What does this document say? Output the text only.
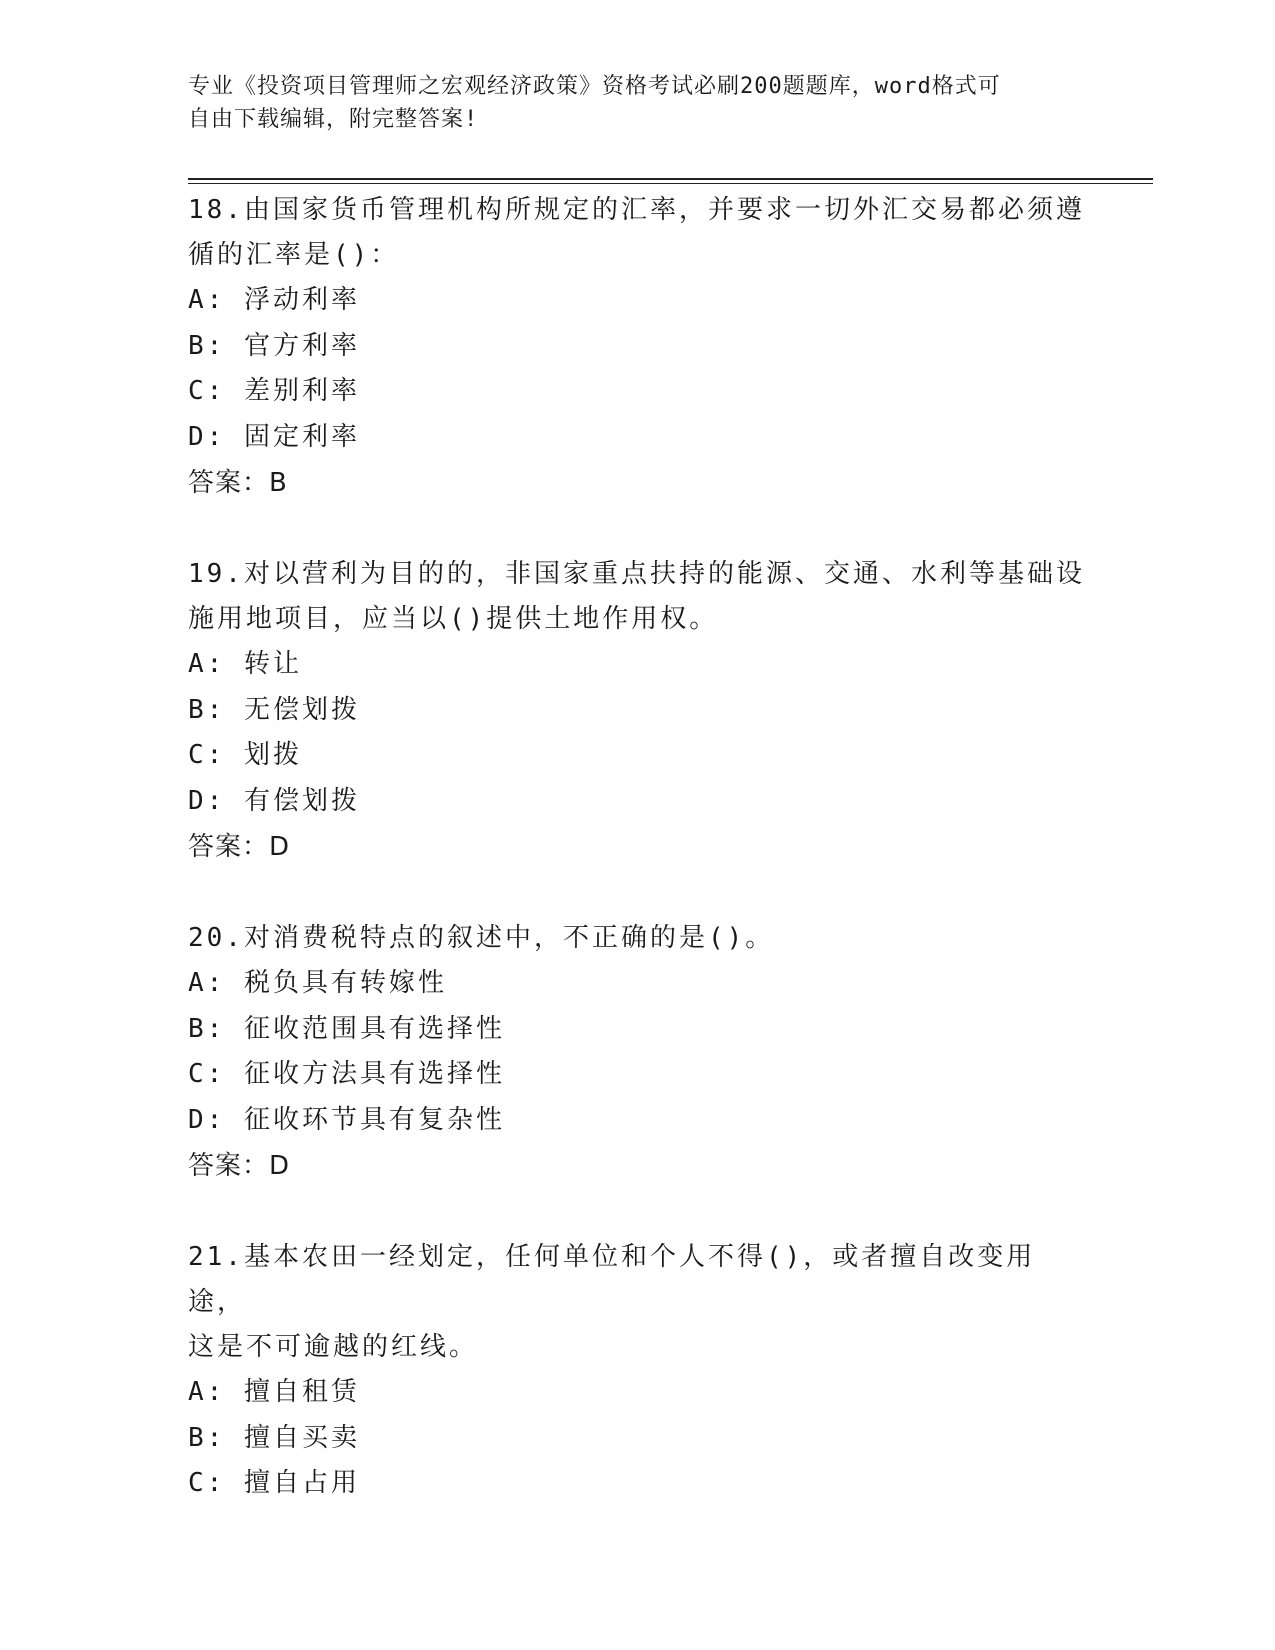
专业《投资项目管理师之宏观经济政策》资格考试必刷200题题库，word格式可
自由下载编辑，附完整答案!

18.由国家货币管理机构所规定的汇率，并要求一切外汇交易都必须遵

循的汇率是()：

A: 浮动利率

B: 官方利率

C: 差别利率

D: 固定利率

答案：B

19.对以营利为目的的，非国家重点扶持的能源、交通、水利等基础设

施用地项目，应当以()提供土地作用权。

A: 转让

B: 无偿划拨

C: 划拨

D: 有偿划拨

答案：D

20.对消费税特点的叙述中，不正确的是()。

A: 税负具有转嫁性

B: 征收范围具有选择性

C: 征收方法具有选择性

D: 征收环节具有复杂性

答案：D

21.基本农田一经划定，任何单位和个人不得()，或者擅自改变用途，

这是不可逾越的红线。

A: 擅自租赁

B: 擅自买卖

C: 擅自占用
